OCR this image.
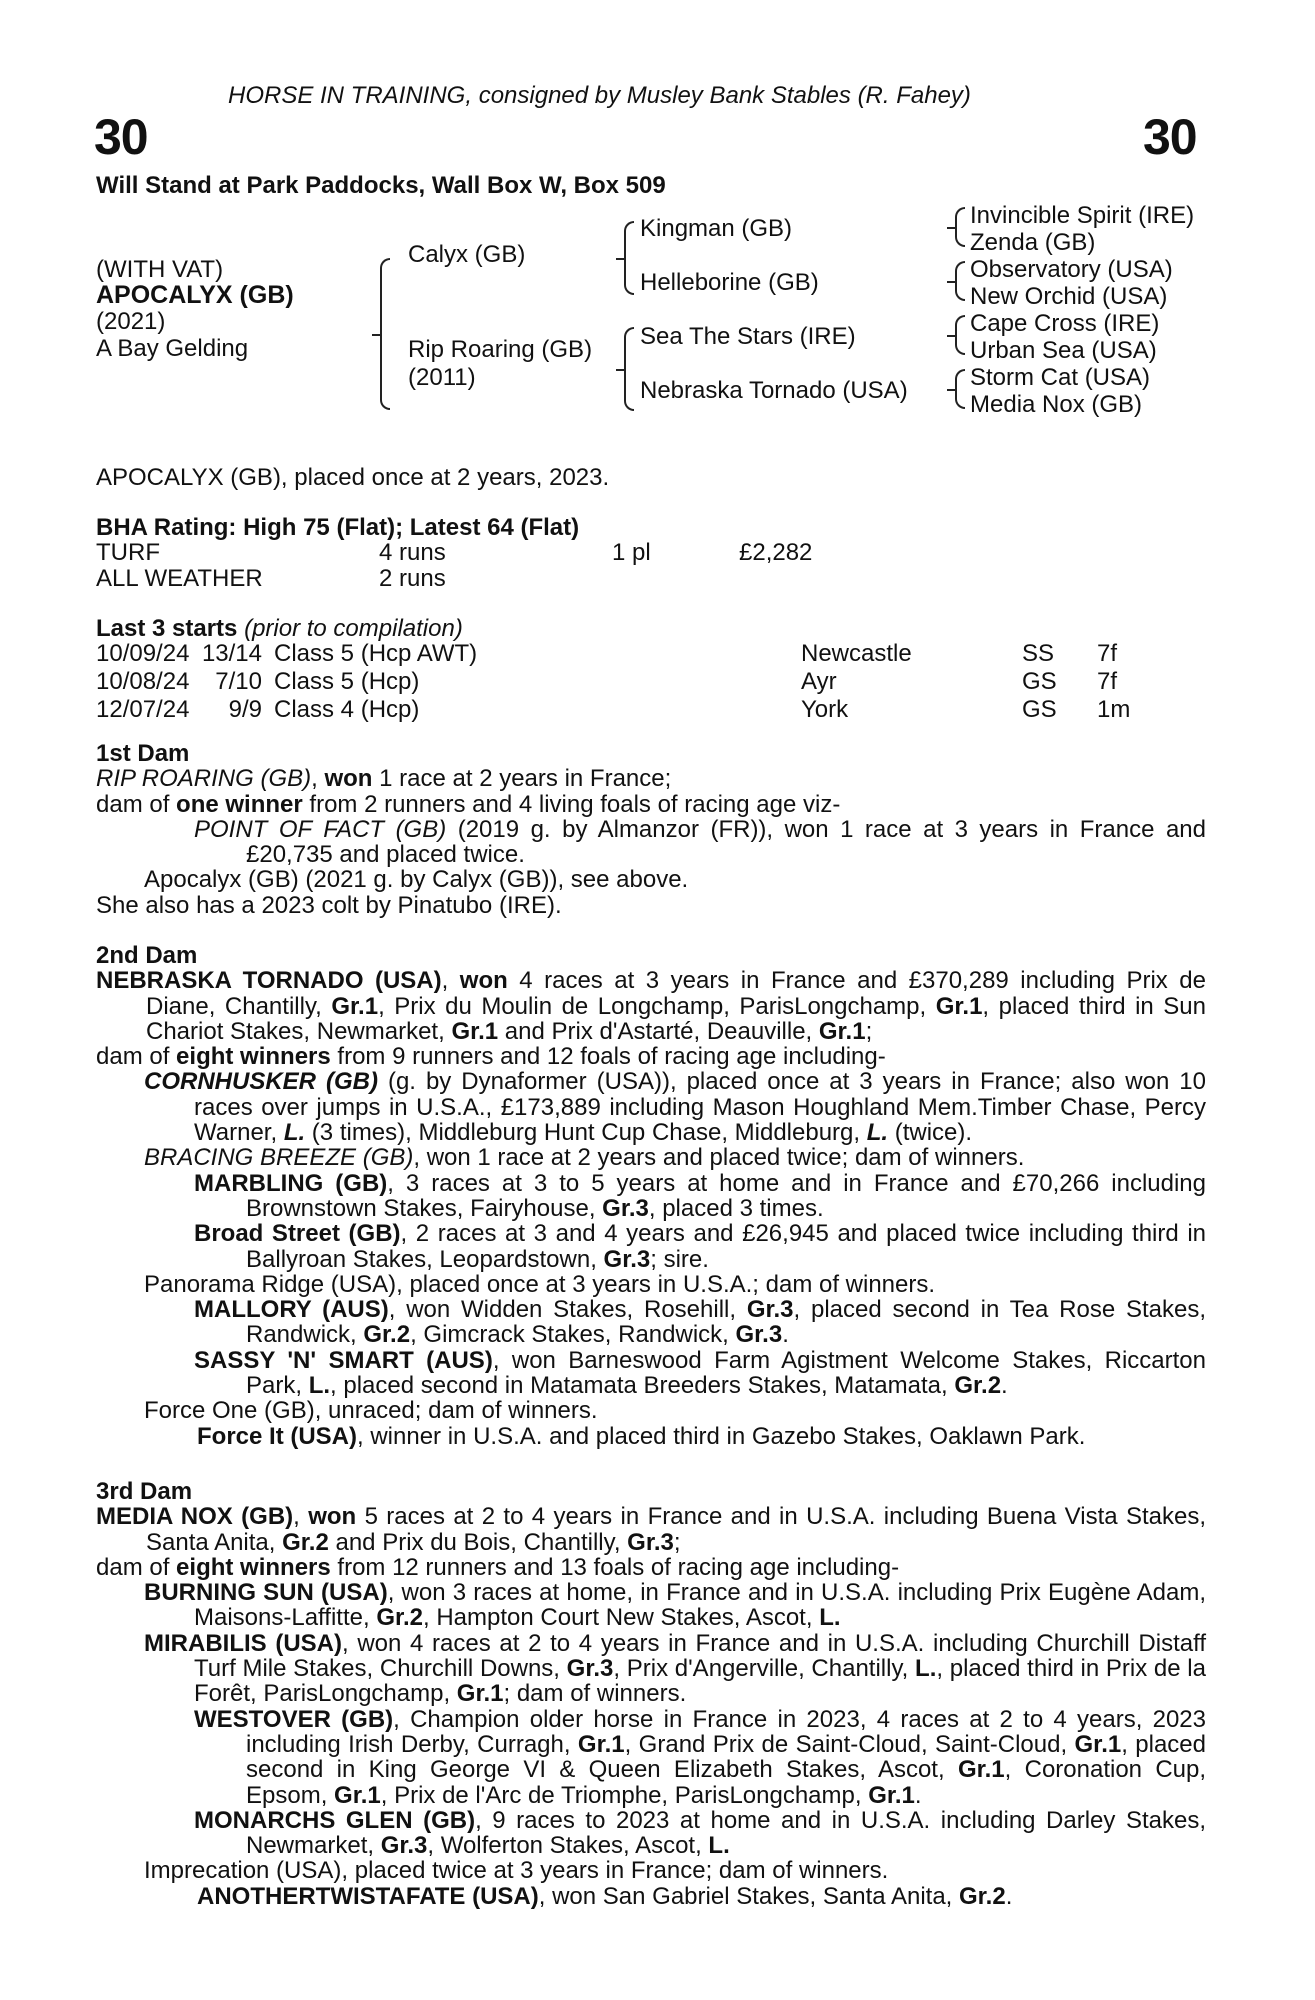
HORSE IN TRAINING, consigned by Musley Bank Stables (R. Fahey)
30	30
Will Stand at Park Paddocks, Wall Box W, Box 509
(WITH VAT)
APOCALYX (GB)
(2021)
A Bay Gelding
Calyx (GB)
Rip Roaring (GB)
(2011)
Kingman (GB)
Helleborine (GB)
Sea The Stars (IRE)
Nebraska Tornado (USA)
Invincible Spirit (IRE)
Zenda (GB)
Observatory (USA)
New Orchid (USA)
Cape Cross (IRE)
Urban Sea (USA)
Storm Cat (USA)
Media Nox (GB)
APOCALYX (GB), placed once at 2 years, 2023.
BHA Rating: High 75 (Flat); Latest 64 (Flat)
TURF	4 runs	1 pl	£2,282
ALL WEATHER	2 runs
Last 3 starts (prior to compilation)
10/09/24	13/14	Class 5 (Hcp AWT)	Newcastle	SS	7f
10/08/24	7/10	Class 5 (Hcp)	Ayr	GS	7f
12/07/24	9/9	Class 4 (Hcp)	York	GS	1m
1st Dam
RIP ROARING (GB), won 1 race at 2 years in France;
dam of one winner from 2 runners and 4 living foals of racing age viz-
POINT OF FACT (GB) (2019 g. by Almanzor (FR)), won 1 race at 3 years in France and £20,735 and placed twice.
Apocalyx (GB) (2021 g. by Calyx (GB)), see above.
She also has a 2023 colt by Pinatubo (IRE).
2nd Dam
NEBRASKA TORNADO (USA), won 4 races at 3 years in France and £370,289 including Prix de Diane, Chantilly, Gr.1, Prix du Moulin de Longchamp, ParisLongchamp, Gr.1, placed third in Sun Chariot Stakes, Newmarket, Gr.1 and Prix d'Astarté, Deauville, Gr.1;
dam of eight winners from 9 runners and 12 foals of racing age including-
CORNHUSKER (GB) (g. by Dynaformer (USA)), placed once at 3 years in France; also won 10 races over jumps in U.S.A., £173,889 including Mason Houghland Mem.Timber Chase, Percy Warner, L. (3 times), Middleburg Hunt Cup Chase, Middleburg, L. (twice).
BRACING BREEZE (GB), won 1 race at 2 years and placed twice; dam of winners.
MARBLING (GB), 3 races at 3 to 5 years at home and in France and £70,266 including Brownstown Stakes, Fairyhouse, Gr.3, placed 3 times.
Broad Street (GB), 2 races at 3 and 4 years and £26,945 and placed twice including third in Ballyroan Stakes, Leopardstown, Gr.3; sire.
Panorama Ridge (USA), placed once at 3 years in U.S.A.; dam of winners.
MALLORY (AUS), won Widden Stakes, Rosehill, Gr.3, placed second in Tea Rose Stakes, Randwick, Gr.2, Gimcrack Stakes, Randwick, Gr.3.
SASSY 'N' SMART (AUS), won Barneswood Farm Agistment Welcome Stakes, Riccarton Park, L., placed second in Matamata Breeders Stakes, Matamata, Gr.2.
Force One (GB), unraced; dam of winners.
Force It (USA), winner in U.S.A. and placed third in Gazebo Stakes, Oaklawn Park.
3rd Dam
MEDIA NOX (GB), won 5 races at 2 to 4 years in France and in U.S.A. including Buena Vista Stakes, Santa Anita, Gr.2 and Prix du Bois, Chantilly, Gr.3;
dam of eight winners from 12 runners and 13 foals of racing age including-
BURNING SUN (USA), won 3 races at home, in France and in U.S.A. including Prix Eugène Adam, Maisons-Laffitte, Gr.2, Hampton Court New Stakes, Ascot, L.
MIRABILIS (USA), won 4 races at 2 to 4 years in France and in U.S.A. including Churchill Distaff Turf Mile Stakes, Churchill Downs, Gr.3, Prix d'Angerville, Chantilly, L., placed third in Prix de la Forêt, ParisLongchamp, Gr.1; dam of winners.
WESTOVER (GB), Champion older horse in France in 2023, 4 races at 2 to 4 years, 2023 including Irish Derby, Curragh, Gr.1, Grand Prix de Saint-Cloud, Saint-Cloud, Gr.1, placed second in King George VI & Queen Elizabeth Stakes, Ascot, Gr.1, Coronation Cup, Epsom, Gr.1, Prix de l'Arc de Triomphe, ParisLongchamp, Gr.1.
MONARCHS GLEN (GB), 9 races to 2023 at home and in U.S.A. including Darley Stakes, Newmarket, Gr.3, Wolferton Stakes, Ascot, L.
Imprecation (USA), placed twice at 3 years in France; dam of winners.
ANOTHERTWISTAFATE (USA), won San Gabriel Stakes, Santa Anita, Gr.2.
